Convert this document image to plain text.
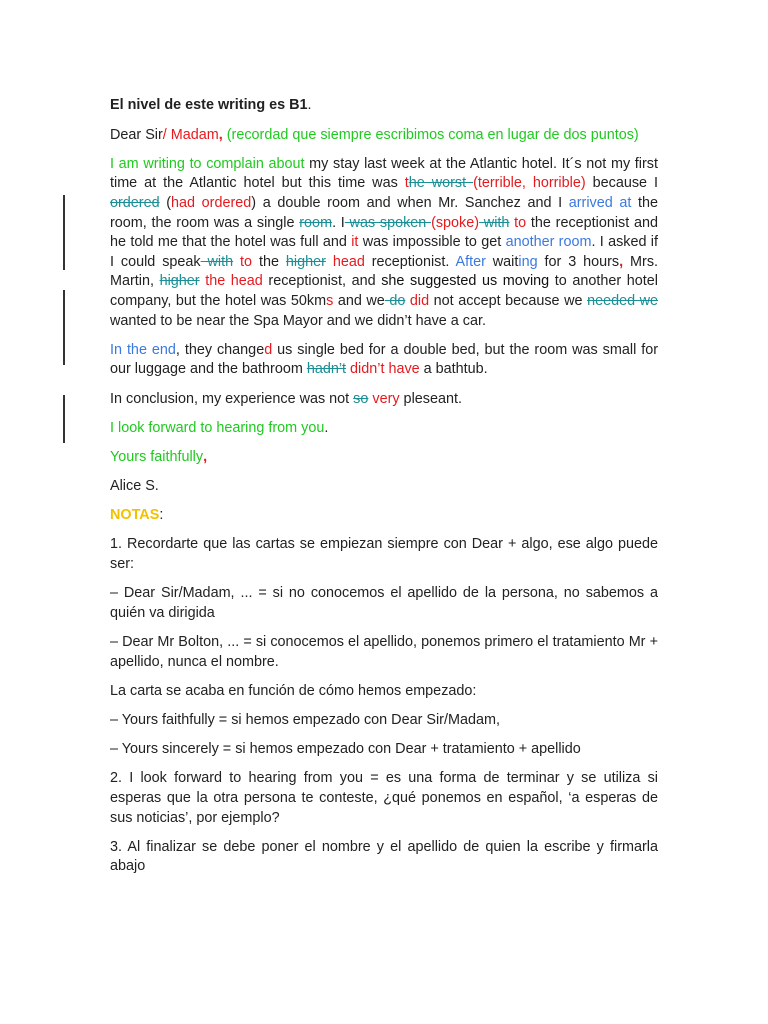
El nivel de este writing es B1.

Dear Sir/ Madam, (recordad que siempre escribimos coma en lugar de dos puntos)

I am writing to complain about my stay last week at the Atlantic hotel. It´s not my first time at the Atlantic hotel but this time was the worst (terrible, horrible) because I ordered (had ordered) a double room and when Mr. Sanchez and I arrived at the room, the room was a single room. I was spoken (spoke) with to the receptionist and he told me that the hotel was full and it was impossible to get another room. I asked if I could speak with to the higher head receptionist. After waiting for 3 hours, Mrs. Martin, higher the head receptionist, and she suggested us moving to another hotel company, but the hotel was 50kms and we do did not accept because we needed we wanted to be near the Spa Mayor and we didn’t have a car.

In the end, they changed us single bed for a double bed, but the room was small for our luggage and the bathroom hadn’t didn’t have a bathtub.

In conclusion, my experience was not so very pleseant.

I look forward to hearing from you.

Yours faithfully,

Alice S.

NOTAS:

1. Recordarte que las cartas se empiezan siempre con Dear + algo, ese algo puede ser:

– Dear Sir/Madam, ... = si no conocemos el apellido de la persona, no sabemos a quién va dirigida

– Dear Mr Bolton, ... = si conocemos el apellido, ponemos primero el tratamiento Mr + apellido, nunca el nombre.

La carta se acaba en función de cómo hemos empezado:

– Yours faithfully = si hemos empezado con Dear Sir/Madam,

– Yours sincerely = si hemos empezado con Dear + tratamiento + apellido

2. I look forward to hearing from you = es una forma de terminar y se utiliza si esperas que la otra persona te conteste, ¿qué ponemos en español, ‘a esperas de sus noticias’, por ejemplo?

3. Al finalizar se debe poner el nombre y el apellido de quien la escribe y firmarla abajo
